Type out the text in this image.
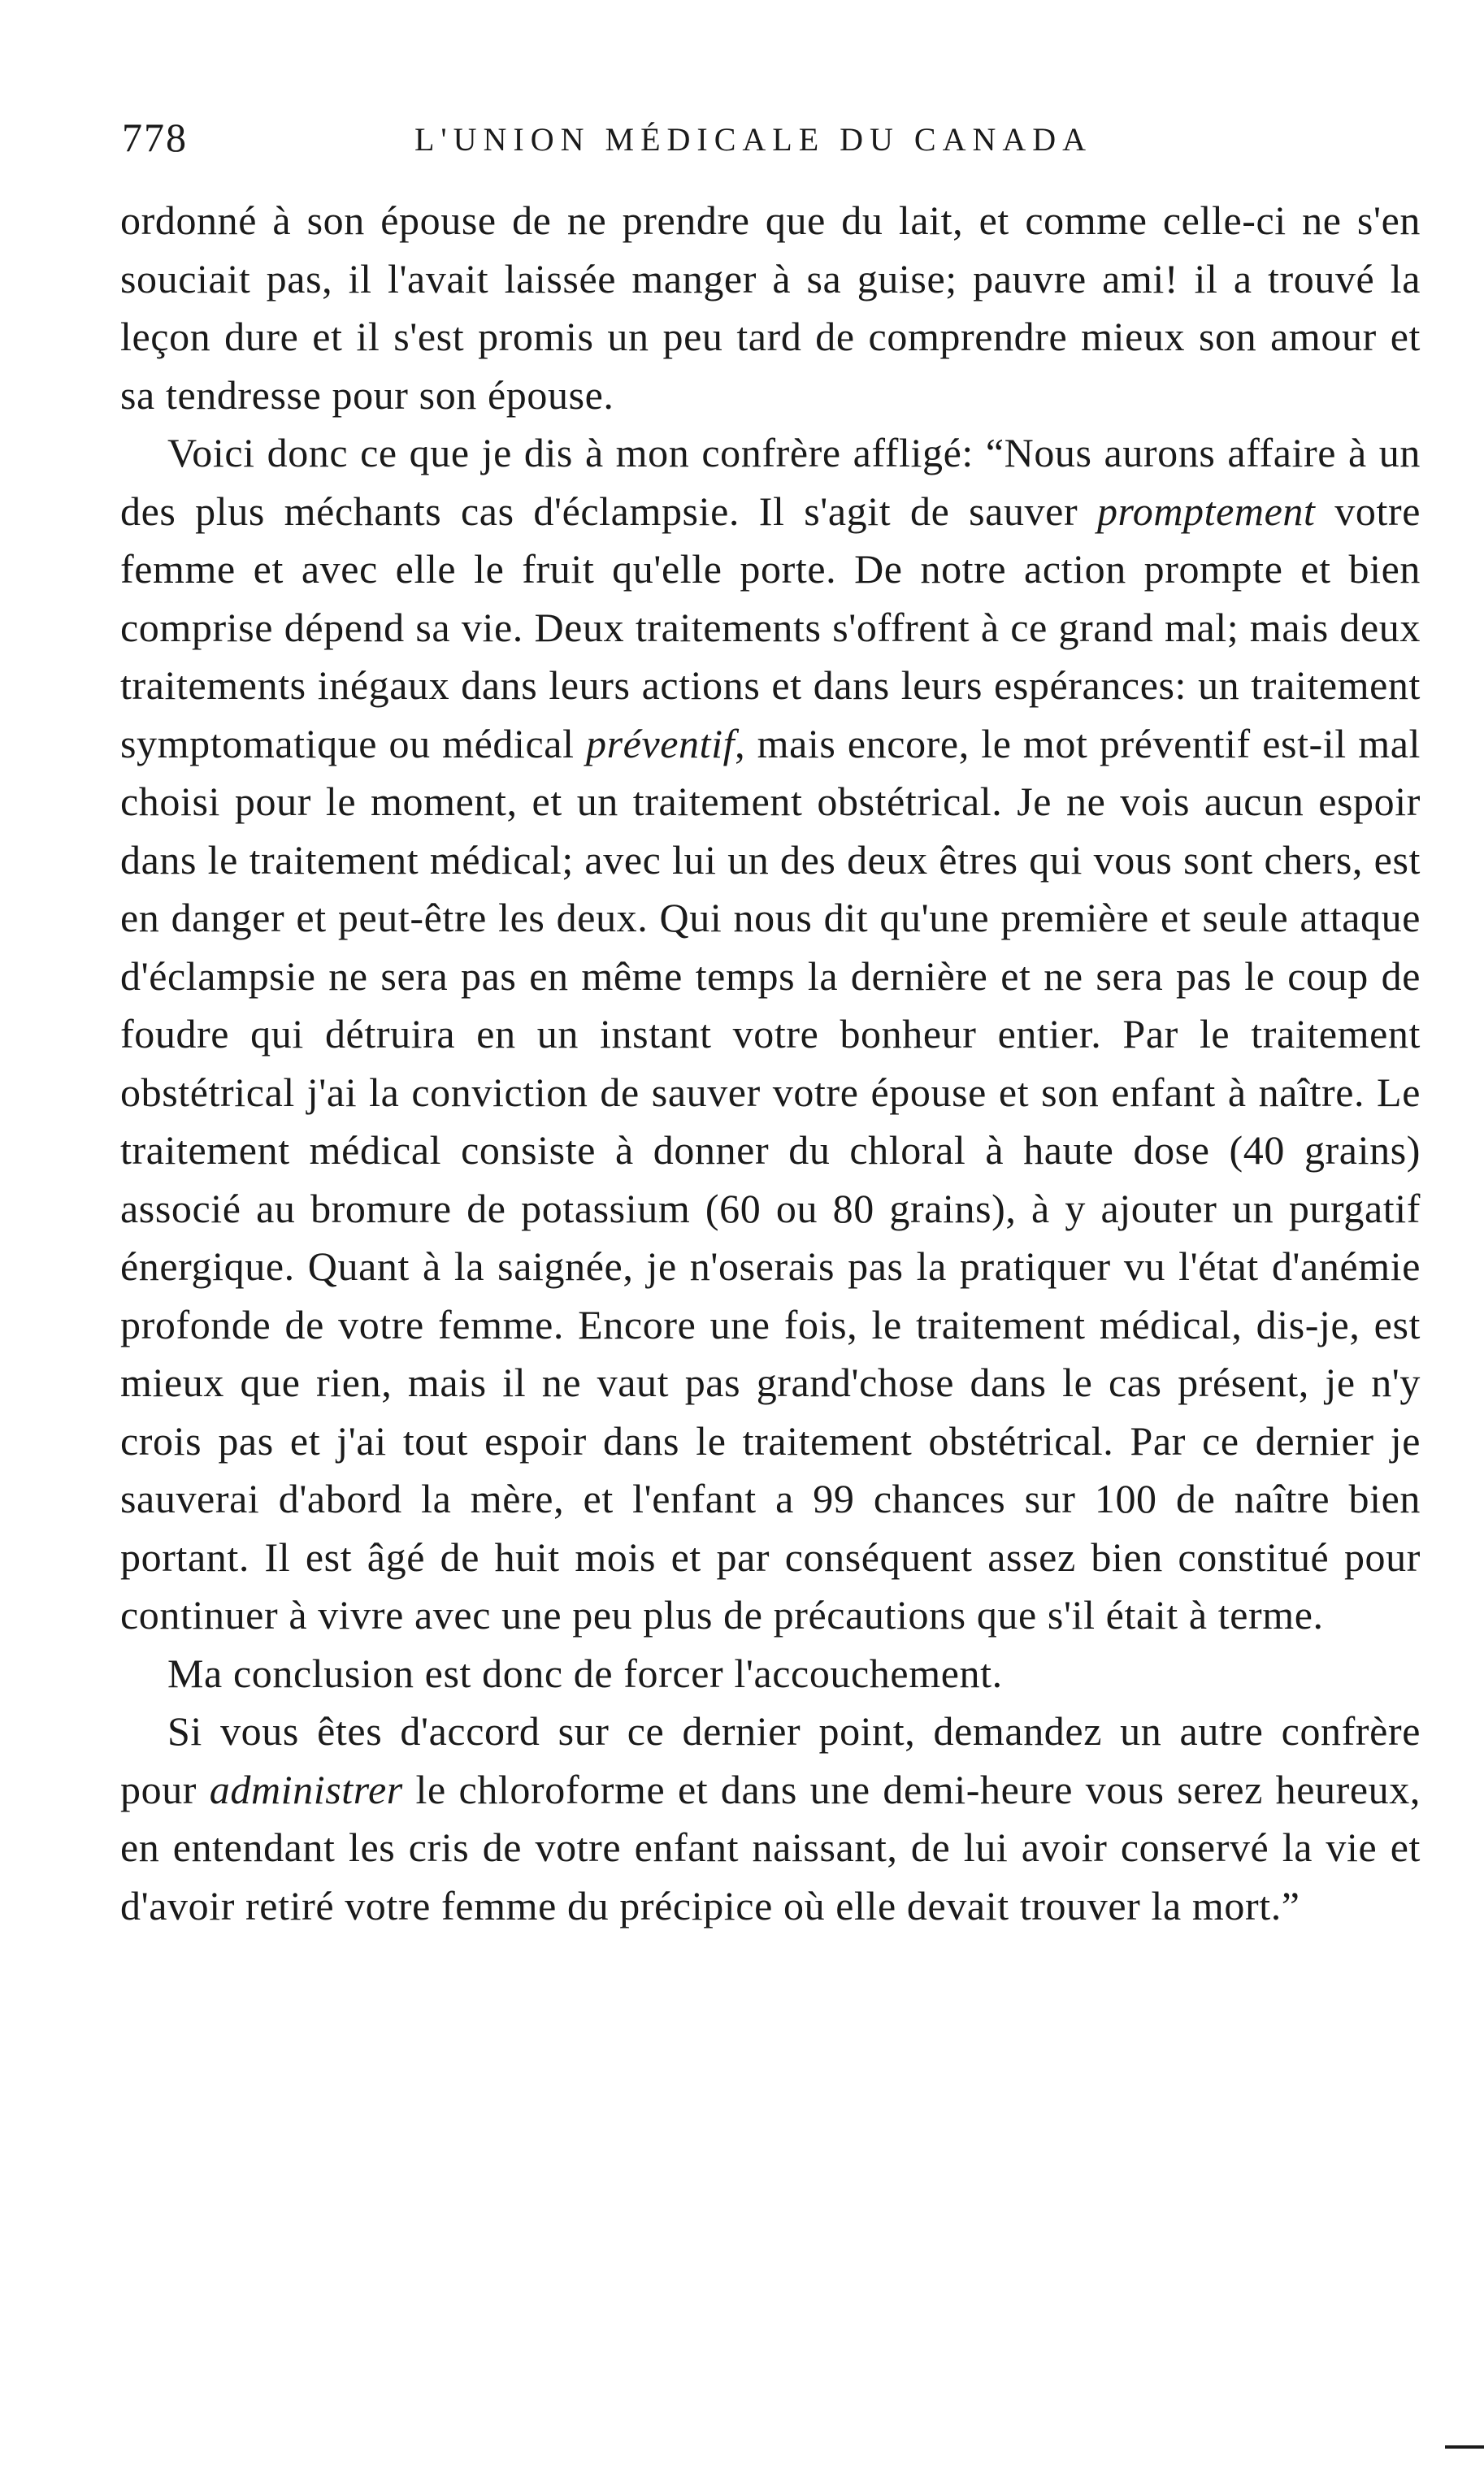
778	L'UNION MÉDICALE DU CANADA

ordonné à son épouse de ne prendre que du lait, et comme celle-ci ne s'en souciait pas, il l'avait laissée manger à sa guise; pauvre ami! il a trouvé la leçon dure et il s'est promis un peu tard de comprendre mieux son amour et sa tendresse pour son épouse.

Voici donc ce que je dis à mon confrère affligé: “Nous aurons affaire à un des plus méchants cas d'éclampsie. Il s'agit de sauver promptement votre femme et avec elle le fruit qu'elle porte. De notre action prompte et bien comprise dépend sa vie. Deux traitements s'offrent à ce grand mal; mais deux traitements inégaux dans leurs actions et dans leurs espérances: un traitement symptomatique ou médical préventif, mais encore, le mot préventif est-il mal choisi pour le moment, et un traitement obstétrical. Je ne vois aucun espoir dans le traitement médical; avec lui un des deux êtres qui vous sont chers, est en danger et peut-être les deux. Qui nous dit qu'une première et seule attaque d'éclampsie ne sera pas en même temps la dernière et ne sera pas le coup de foudre qui détruira en un instant votre bonheur entier. Par le traitement obstétrical j'ai la conviction de sauver votre épouse et son enfant à naître. Le traitement médical consiste à donner du chloral à haute dose (40 grains) associé au bromure de potassium (60 ou 80 grains), à y ajouter un purgatif énergique. Quant à la saignée, je n'oserais pas la pratiquer vu l'état d'anémie profonde de votre femme. Encore une fois, le traitement médical, dis-je, est mieux que rien, mais il ne vaut pas grand'chose dans le cas présent, je n'y crois pas et j'ai tout espoir dans le traitement obstétrical. Par ce dernier je sauverai d'abord la mère, et l'enfant a 99 chances sur 100 de naître bien portant. Il est âgé de huit mois et par conséquent assez bien constitué pour continuer à vivre avec une peu plus de précautions que s'il était à terme.

Ma conclusion est donc de forcer l'accouchement.

Si vous êtes d'accord sur ce dernier point, demandez un autre confrère pour administrer le chloroforme et dans une demi-heure vous serez heureux, en entendant les cris de votre enfant naissant, de lui avoir conservé la vie et d'avoir retiré votre femme du précipice où elle devait trouver la mort.”
